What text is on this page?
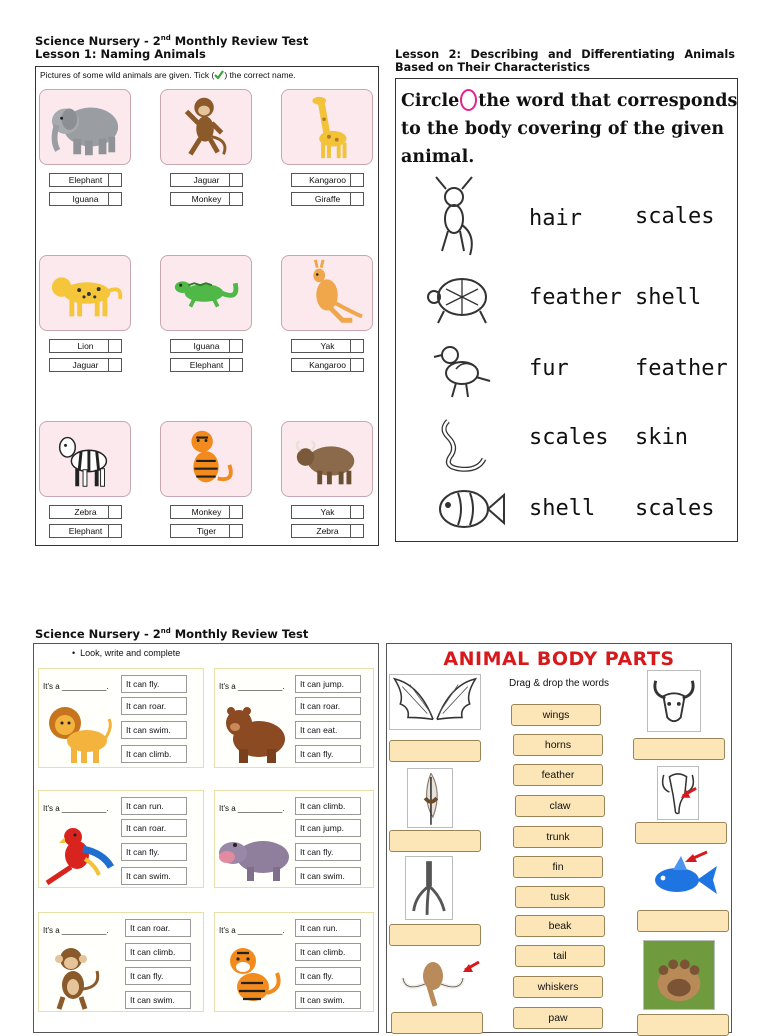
Science Nursery - 2nd Monthly Review Test
Lesson 1: Naming Animals	Lesson 2: Describing and Differentiating Animals Based on Their Characteristics
Pictures of some wild animals are given. Tick ( ) the correct name.
Elephant
Iguana
Jaguar
Monkey
Kangaroo
Giraffe
Lion
Jaguar
Iguana
Elephant
Yak
Kangaroo
Zebra
Elephant
Monkey
Tiger
Yak
Zebra
Circle the word that corresponds to the body covering of the given animal.
hair scales
feather shell
fur	feather
scales skin
shell scales
Science Nursery - 2nd Monthly Review Test
•  Look, write and complete
It's a __________.	It can fly.
It can roar.
It can swim.
It can climb.
It's a __________.	It can jump.
It can roar.
It can eat.
It can fly.
It's a __________.	It can run.
It can roar.
It can fly.
It can swim.
It's a __________.	It can climb.
It can jump.
It can fly.
It can swim.
It's a __________.	It can roar.
It can climb.
It can fly.
It can swim.
It's a __________.	It can run.
It can climb.
It can fly.
It can swim.
ANIMAL BODY PARTS
Drag & drop the words
wings
horns
feather
claw
trunk
fin
tusk
beak
tail
whiskers
paw
